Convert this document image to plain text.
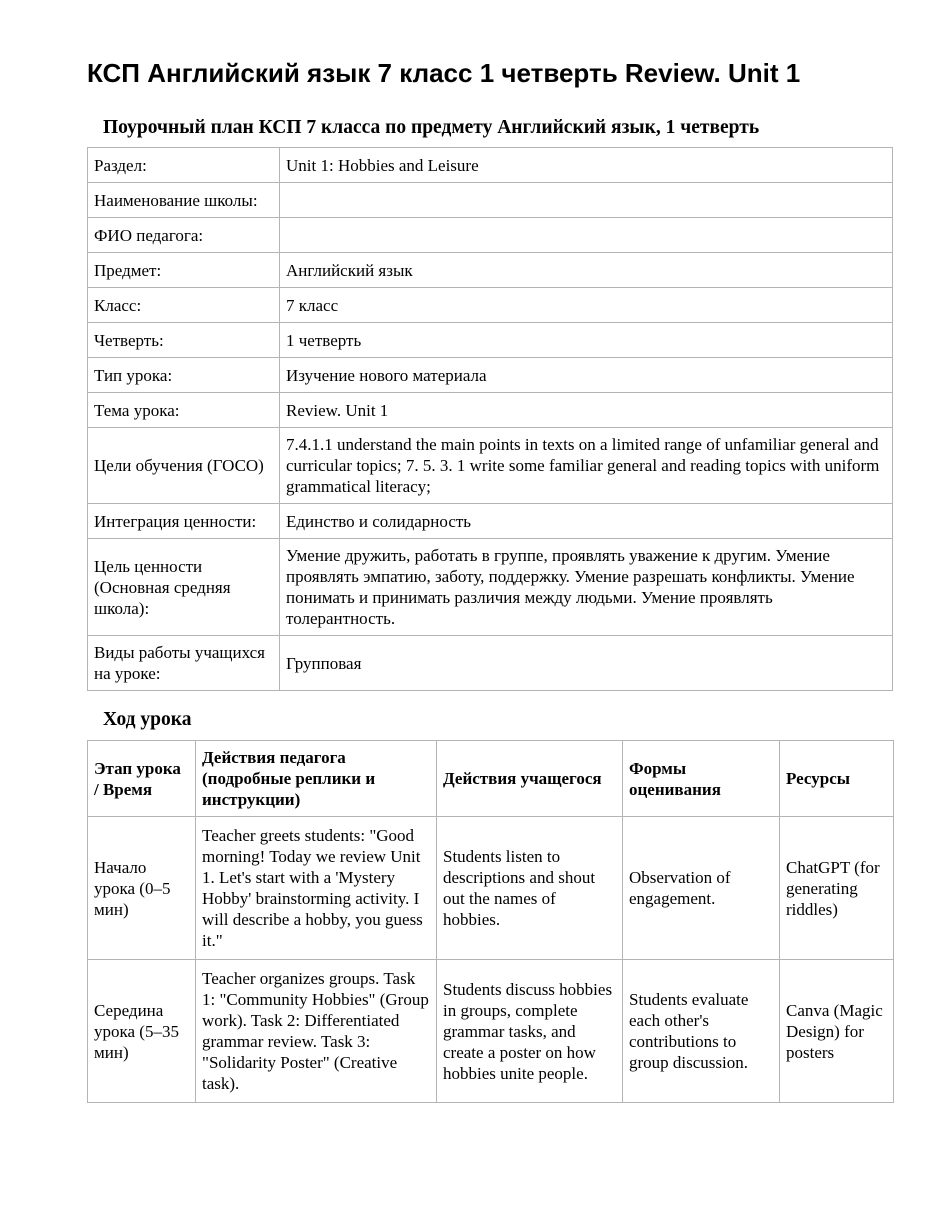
КСП Английский язык 7 класс 1 четверть Review. Unit 1
Поурочный план КСП 7 класса по предмету Английский язык, 1 четверть
Раздел:	Unit 1: Hobbies and Leisure
Наименование школы:	
ФИО педагога:	
Предмет:	Английский язык
Класс:	7 класс
Четверть:	1 четверть
Тип урока:	Изучение нового материала
Тема урока:	Review. Unit 1
Цели обучения (ГОСО)	7.4.1.1 understand the main points in texts on a limited range of unfamiliar general and curricular topics; 7. 5. 3. 1 write some familiar general and reading topics with uniform grammatical literacy;
Интеграция ценности:	Единство и солидарность
Цель ценности (Основная средняя школа):	Умение дружить, работать в группе, проявлять уважение к другим. Умение проявлять эмпатию, заботу, поддержку. Умение разрешать конфликты. Умение понимать и принимать различия между людьми. Умение проявлять толерантность.
Виды работы учащихся на уроке:	Групповая
Ход урока
Этап урока / Время	Действия педагога (подробные реплики и инструкции)	Действия учащегося	Формы оценивания	Ресурсы
Начало урока (0–5 мин)	Teacher greets students: "Good morning! Today we review Unit 1. Let's start with a 'Mystery Hobby' brainstorming activity. I will describe a hobby, you guess it."	Students listen to descriptions and shout out the names of hobbies.	Observation of engagement.	ChatGPT (for generating riddles)
Середина урока (5–35 мин)	Teacher organizes groups. Task 1: "Community Hobbies" (Group work). Task 2: Differentiated grammar review. Task 3: "Solidarity Poster" (Creative task).	Students discuss hobbies in groups, complete grammar tasks, and create a poster on how hobbies unite people.	Students evaluate each other's contributions to group discussion.	Canva (Magic Design) for posters
